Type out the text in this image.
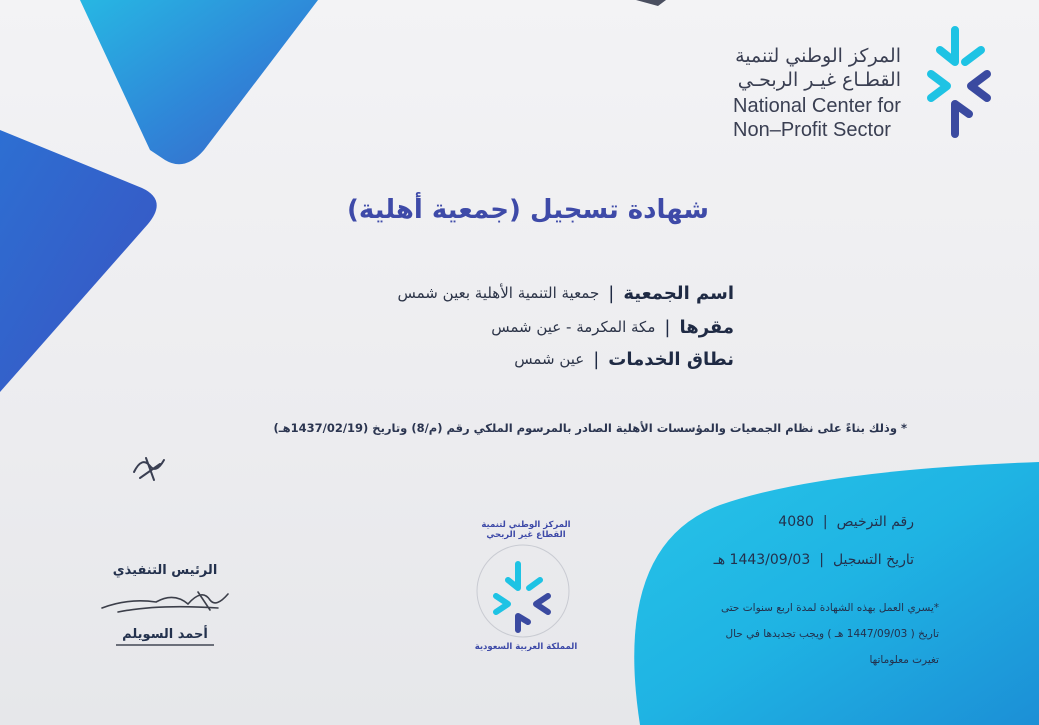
المركز الوطني لتنمية
القطـاع غيـر الربحـي
National Center for
Non–Profit Sector
شهادة تسجيل (جمعية أهلية)
اسم الجمعية
|
جمعية التنمية الأهلية بعين شمس
مقرها
|
مكة المكرمة - عين شمس
نطاق الخدمات
|
عين شمس
* وذلك بناءً على نظام الجمعيات والمؤسسات الأهلية الصادر بالمرسوم الملكي رقم (م/8) وتاريخ (1437/02/19هـ)
رقم الترخيص
|
4080
تاريخ التسجيل
|
1443/09/03 هـ
*يسري العمل بهذه الشهادة لمدة اربع سنوات حتى
تاريخ ( 1447/09/03 هـ ) ويجب تجديدها في حال
تغيرت معلوماتها
المركز الوطني لتنمية القطاع غير الربحي
المملكة العربية السعودية
الرئيس التنفيذي
أحمد السويلم
